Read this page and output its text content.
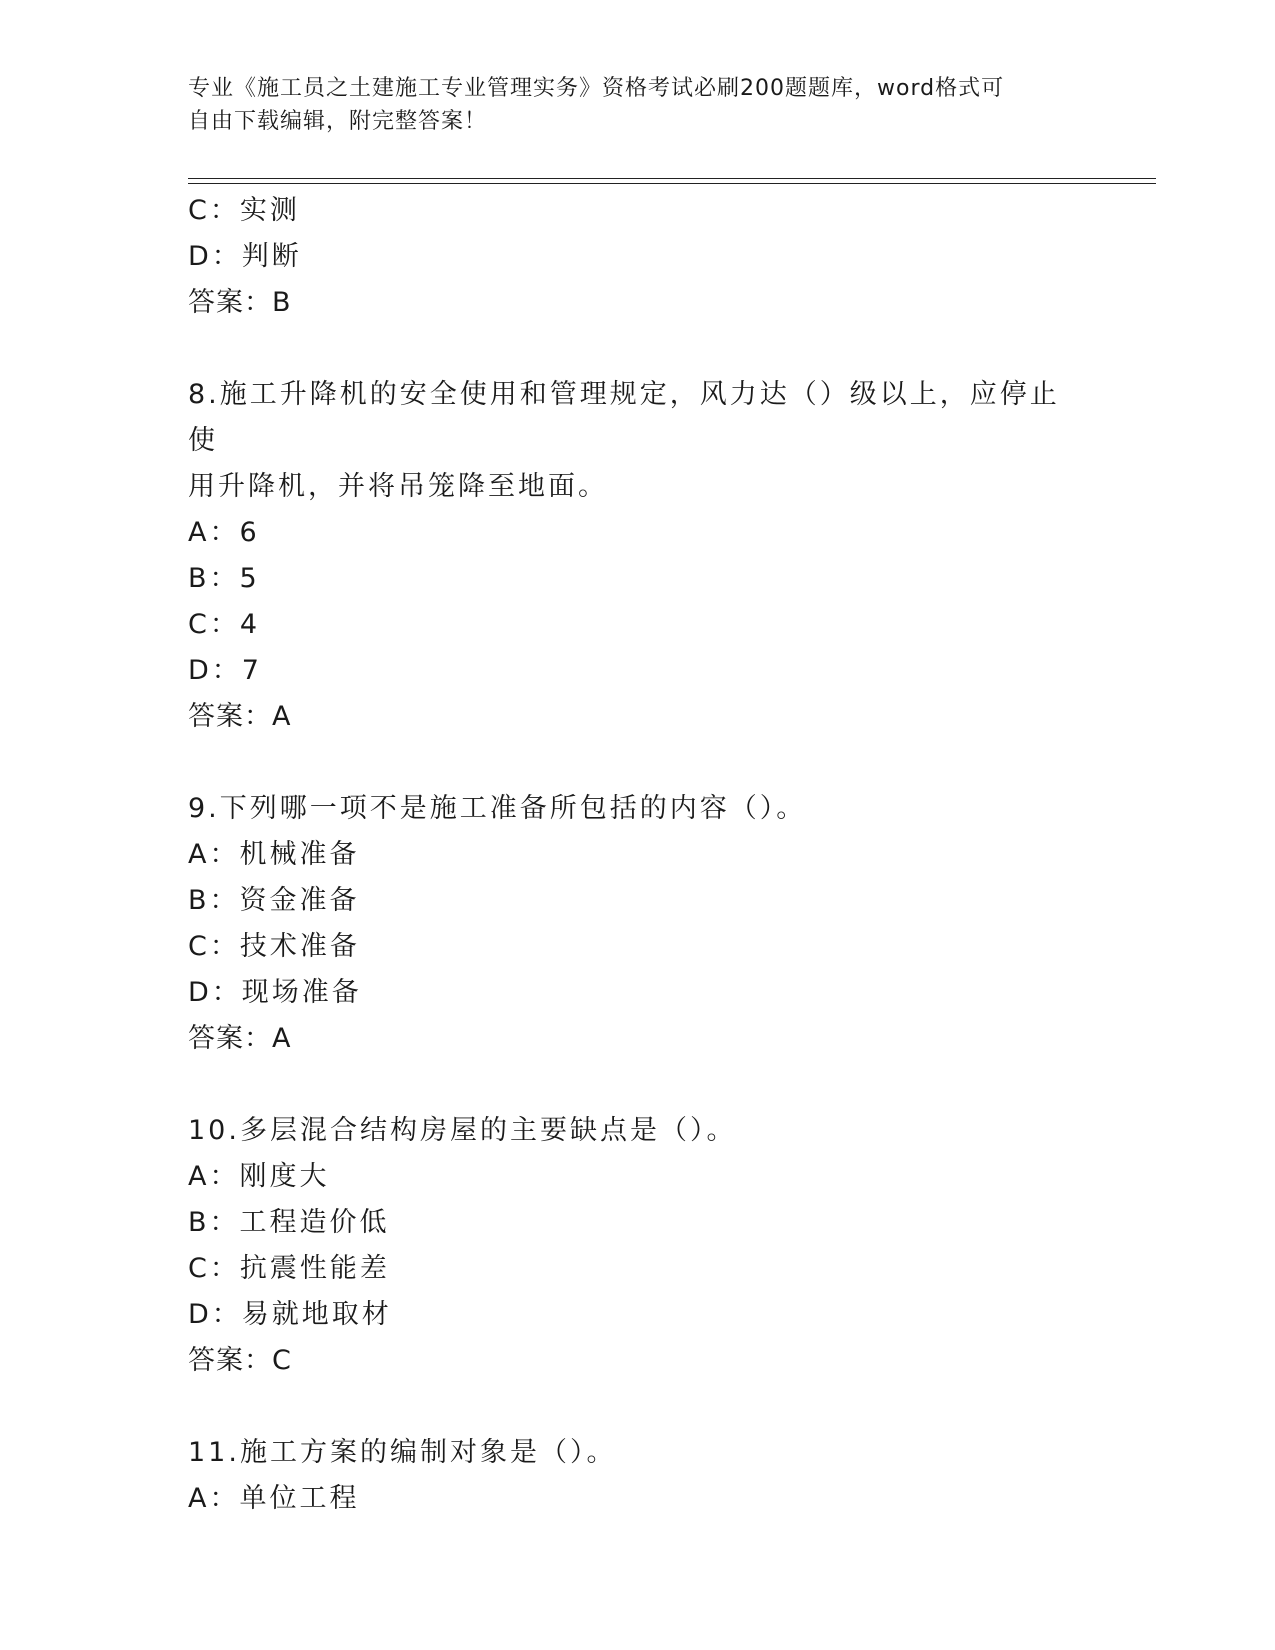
专业《施工员之土建施工专业管理实务》资格考试必刷200题题库，word格式可
自由下载编辑，附完整答案！
C：实测
D：判断
答案：B
8.施工升降机的安全使用和管理规定，风力达（）级以上，应停止使
用升降机，并将吊笼降至地面。
A：6
B：5
C：4
D：7
答案：A
9.下列哪一项不是施工准备所包括的内容（）。
A：机械准备
B：资金准备
C：技术准备
D：现场准备
答案：A
10.多层混合结构房屋的主要缺点是（）。
A：刚度大
B：工程造价低
C：抗震性能差
D：易就地取材
答案：C
11.施工方案的编制对象是（）。
A：单位工程
